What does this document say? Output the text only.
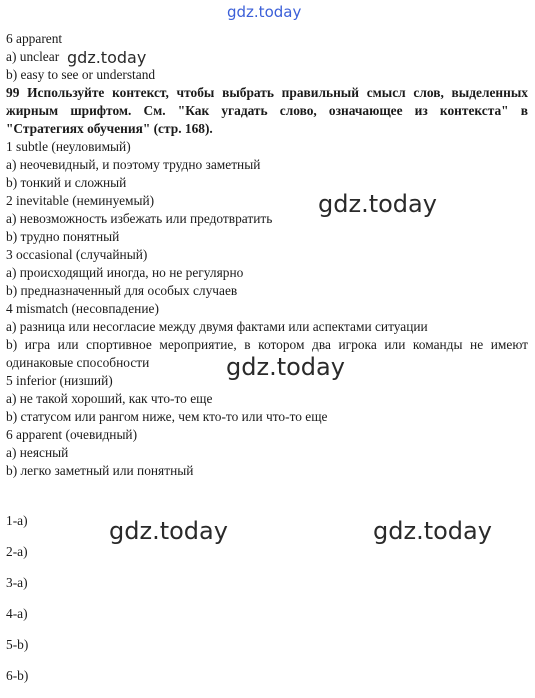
gdz.today
6 apparent
a) unclear
b) easy to see or understand
99 Используйте контекст, чтобы выбрать правильный смысл слов, выделенных жирным шрифтом. См. "Как угадать слово, означающее из контекста" в "Стратегиях обучения" (стр. 168).
1 subtle (неуловимый)
a) неочевидный, и поэтому трудно заметный
b) тонкий и сложный
2 inevitable (неминуемый)
a) невозможность избежать или предотвратить
b) трудно понятный
3 occasional (случайный)
a) происходящий иногда, но не регулярно
b) предназначенный для особых случаев
4 mismatch (несовпадение)
a) разница или несогласие между двумя фактами или аспектами ситуации
b) игра или спортивное мероприятие, в котором два игрока или команды не имеют одинаковые способности
5 inferior (низший)
a) не такой хороший, как что-то еще
b) статусом или рангом ниже, чем кто-то или что-то еще
6 apparent (очевидный)
a) неясный
b) легко заметный или понятный
1-a)
2-a)
3-a)
4-a)
5-b)
6-b)
gdz.today
gdz.today
gdz.today
gdz.today	gdz.today
